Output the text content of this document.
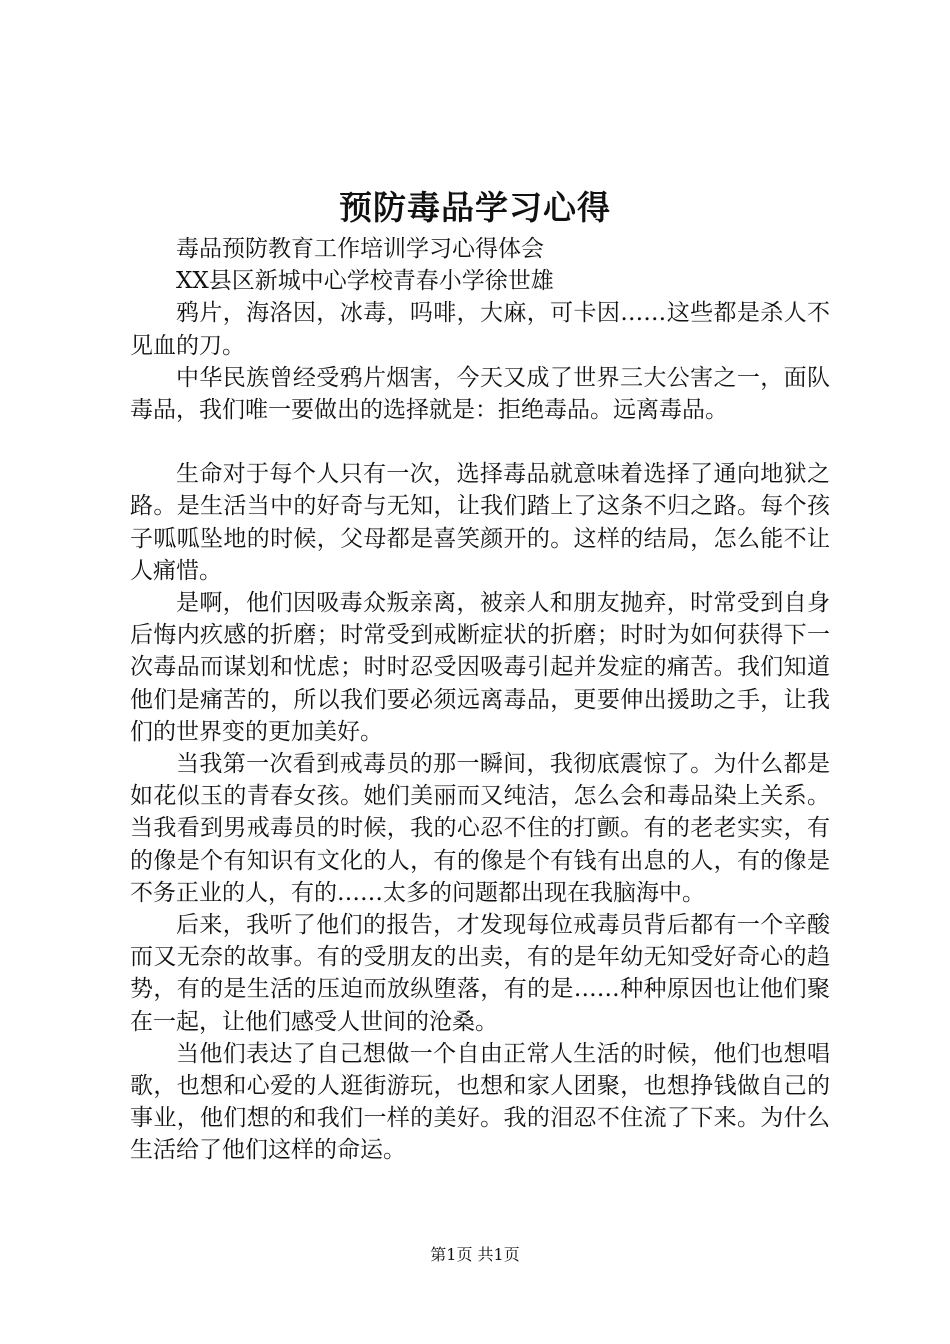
预防毒品学习心得

毒品预防教育工作培训学习心得体会

XX县区新城中心学校青春小学徐世雄

鸦片，海洛因，冰毒，吗啡，大麻，可卡因……这些都是杀人不见血的刀。

中华民族曾经受鸦片烟害，今天又成了世界三大公害之一，面队毒品，我们唯一要做出的选择就是：拒绝毒品。远离毒品。

生命对于每个人只有一次，选择毒品就意味着选择了通向地狱之路。是生活当中的好奇与无知，让我们踏上了这条不归之路。每个孩子呱呱坠地的时候，父母都是喜笑颜开的。这样的结局，怎么能不让人痛惜。

是啊，他们因吸毒众叛亲离，被亲人和朋友抛弃，时常受到自身后悔内疚感的折磨；时常受到戒断症状的折磨；时时为如何获得下一次毒品而谋划和忧虑；时时忍受因吸毒引起并发症的痛苦。我们知道他们是痛苦的，所以我们要必须远离毒品，更要伸出援助之手，让我们的世界变的更加美好。

当我第一次看到戒毒员的那一瞬间，我彻底震惊了。为什么都是如花似玉的青春女孩。她们美丽而又纯洁，怎么会和毒品染上关系。当我看到男戒毒员的时候，我的心忍不住的打颤。有的老老实实，有的像是个有知识有文化的人，有的像是个有钱有出息的人，有的像是不务正业的人，有的……太多的问题都出现在我脑海中。

后来，我听了他们的报告，才发现每位戒毒员背后都有一个辛酸而又无奈的故事。有的受朋友的出卖，有的是年幼无知受好奇心的趋势，有的是生活的压迫而放纵堕落，有的是……种种原因也让他们聚在一起，让他们感受人世间的沧桑。

当他们表达了自己想做一个自由正常人生活的时候，他们也想唱歌，也想和心爱的人逛街游玩，也想和家人团聚，也想挣钱做自己的事业，他们想的和我们一样的美好。我的泪忍不住流了下来。为什么生活给了他们这样的命运。

第1页 共1页
